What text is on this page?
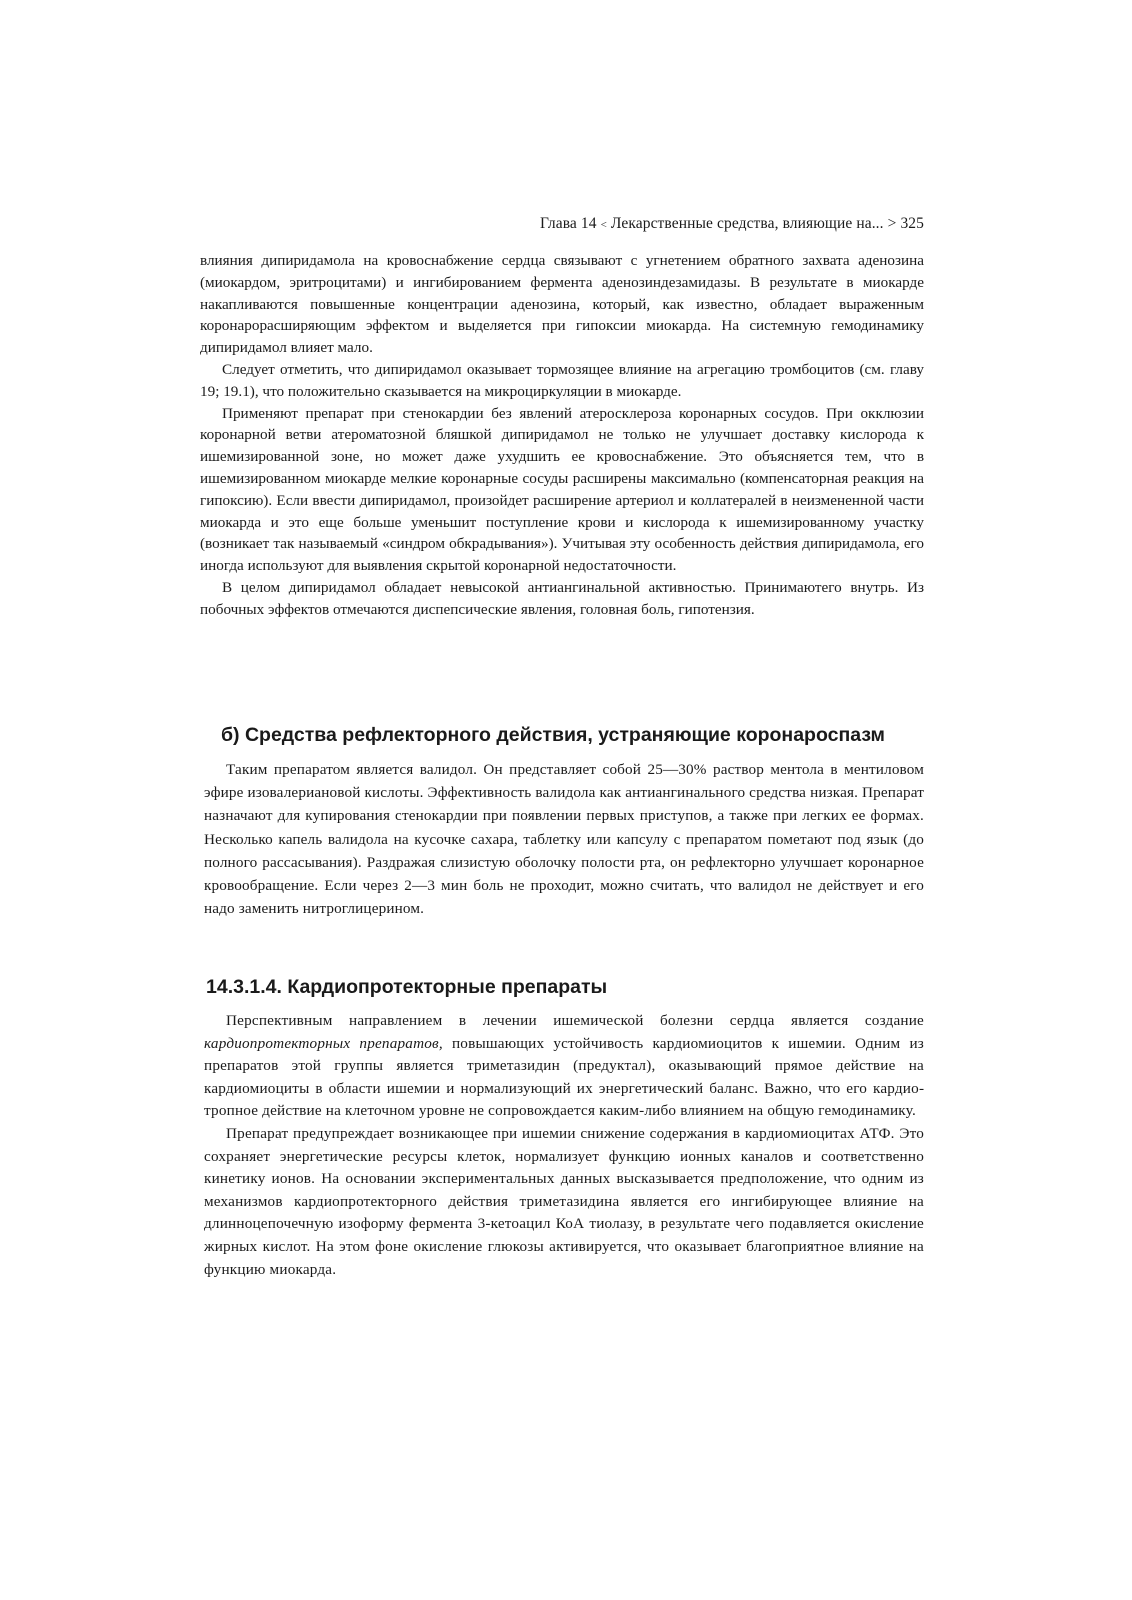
Глава 14 < Лекарственные средства, влияющие на... > 325

влияния дипиридамола на кровоснабжение сердца связывают с угнетением обратного захвата аденозина (миокардом, эритроцитами) и ингибированием фермента аденозиндезамидазы. В результате в миокарде накапливаются повышенные концентрации аденозина, который, как известно, обладает выраженным коронарорасширяющим эффектом и выделяется при гипоксии миокарда. На системную гемодинамику дипиридамол влияет мало.

Следует отметить, что дипиридамол оказывает тормозящее влияние на агрегацию тромбоцитов (см. главу 19; 19.1), что положительно сказывается на микроциркуляции в миокарде.

Применяют препарат при стенокардии без явлений атеросклероза коронарных сосудов. При окклюзии коронарной ветви атероматозной бляшкой дипиридамол не только не улучшает доставку кислорода к ишемизированной зоне, но может даже ухудшить ее кровоснабжение. Это объясняется тем, что в ишемизированном миокарде мелкие коронарные сосуды расширены максимально (компенсаторная реакция на гипоксию). Если ввести дипиридамол, произойдет расширение артериол и коллатералей в неизмененной части миокарда и это еще больше уменьшит поступление крови и кислорода к ишемизированному участку (возникает так называемый «синдром обкрадывания»). Учитывая эту особенность действия дипиридамола, его иногда используют для выявления скрытой коронарной недостаточности.

В целом дипиридамол обладает невысокой антиангинальной активностью. Принимаютего внутрь. Из побочных эффектов отмечаются диспепсические явления, головная боль, гипотензия.

б) Средства рефлекторного действия, устраняющие коронароспазм

Таким препаратом является валидол. Он представляет собой 25—30% раствор ментола в ментиловом эфире изовалериановой кислоты. Эффективность валидола как антиангинального средства низкая. Препарат назначают для купирования стенокардии при появлении первых приступов, а также при легких ее формах. Несколько капель валидола на кусочке сахара, таблетку или капсулу с препаратом пометают под язык (до полного рассасывания). Раздражая слизистую оболочку полости рта, он рефлекторно улучшает коронарное кровообращение. Если через 2—3 мин боль не проходит, можно считать, что валидол не действует и его надо заменить нитроглицерином.

14.3.1.4. Кардиопротекторные препараты

Перспективным направлением в лечении ишемической болезни сердца является создание кардиопротекторных препаратов, повышающих устойчивость кардиомиоцитов к ишемии. Одним из препаратов этой группы является триметазидин (предуктал), оказывающий прямое действие на кардиомиоциты в области ишемии и нормализующий их энергетический баланс. Важно, что его кардиотропное действие на клеточном уровне не сопровождается каким-либо влиянием на общую гемодинамику.

Препарат предупреждает возникающее при ишемии снижение содержания в кардиомиоцитах АТФ. Это сохраняет энергетические ресурсы клеток, нормализует функцию ионных каналов и соответственно кинетику ионов. На основании экспериментальных данных высказывается предположение, что одним из механизмов кардиопротекторного действия триметазидина является его ингибирующее влияние на длинноцепочечную изоформу фермента 3-кетоацил КоА тиолазу, в результате чего подавляется окисление жирных кислот. На этом фоне окисление глюкозы активируется, что оказывает благоприятное влияние на функцию миокарда.
